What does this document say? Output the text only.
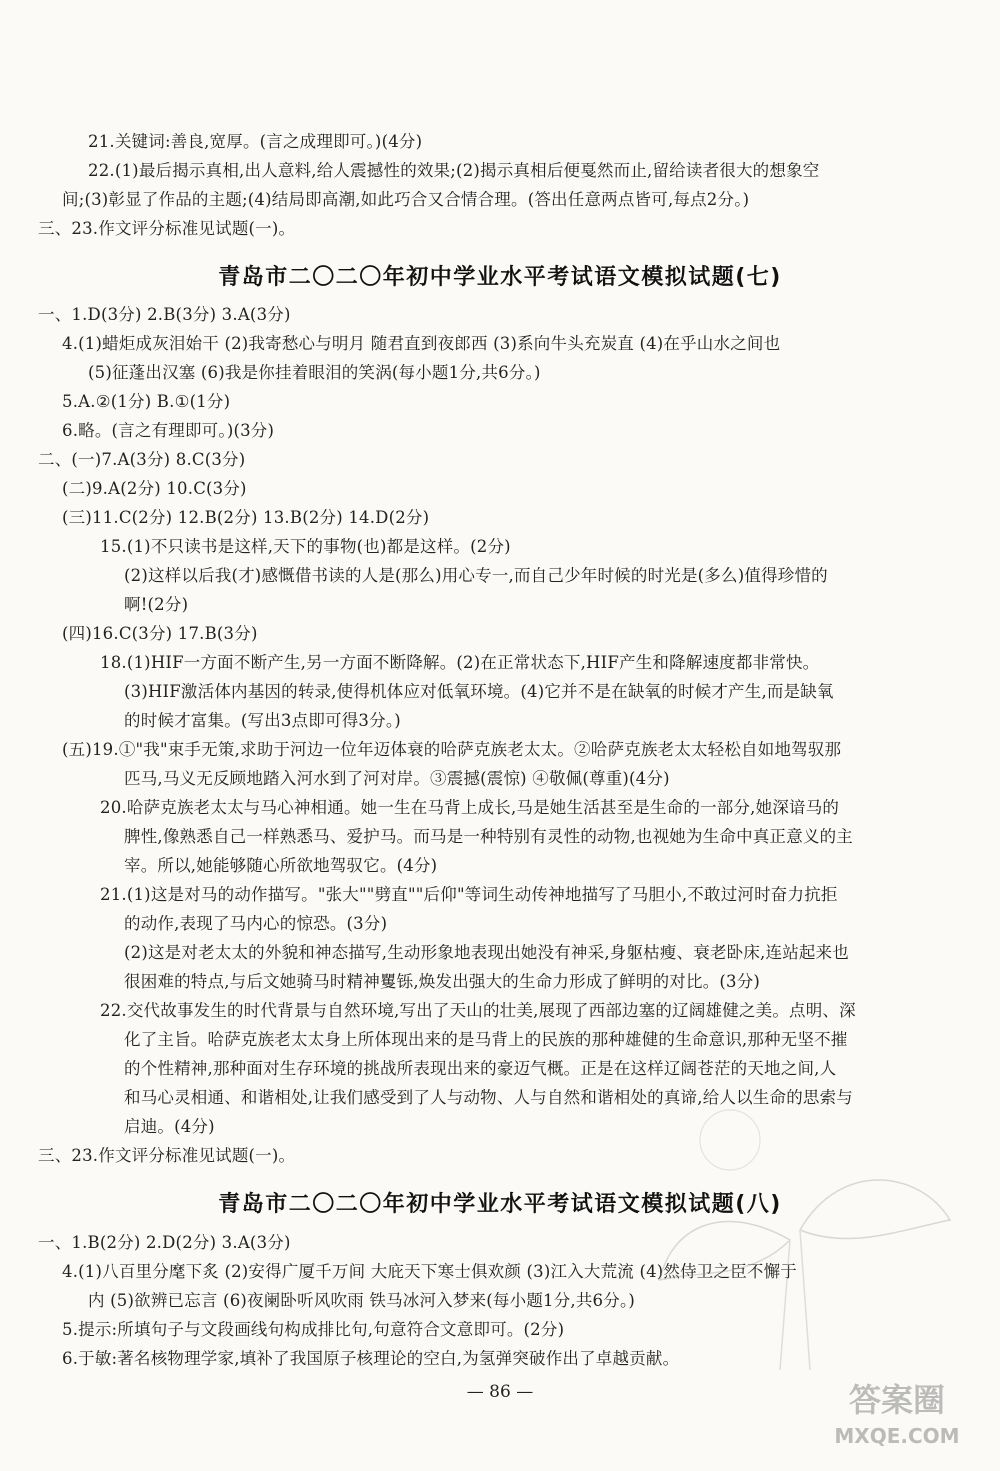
21.关键词:善良,宽厚。(言之成理即可。)(4分)
22.(1)最后揭示真相,出人意料,给人震撼性的效果;(2)揭示真相后便戛然而止,留给读者很大的想象空
间;(3)彰显了作品的主题;(4)结局即高潮,如此巧合又合情合理。(答出任意两点皆可,每点2分。)
三、23.作文评分标准见试题(一)。
青岛市二〇二〇年初中学业水平考试语文模拟试题(七)
一、1.D(3分) 2.B(3分) 3.A(3分)
4.(1)蜡炬成灰泪始干 (2)我寄愁心与明月 随君直到夜郎西 (3)系向牛头充炭直 (4)在乎山水之间也
(5)征蓬出汉塞 (6)我是你挂着眼泪的笑涡(每小题1分,共6分。)
5.A.②(1分) B.①(1分)
6.略。(言之有理即可。)(3分)
二、(一)7.A(3分) 8.C(3分)
(二)9.A(2分) 10.C(3分)
(三)11.C(2分) 12.B(2分) 13.B(2分) 14.D(2分)
15.(1)不只读书是这样,天下的事物(也)都是这样。(2分)
(2)这样以后我(才)感慨借书读的人是(那么)用心专一,而自己少年时候的时光是(多么)值得珍惜的
啊!(2分)
(四)16.C(3分) 17.B(3分)
18.(1)HIF一方面不断产生,另一方面不断降解。(2)在正常状态下,HIF产生和降解速度都非常快。
(3)HIF激活体内基因的转录,使得机体应对低氧环境。(4)它并不是在缺氧的时候才产生,而是缺氧
的时候才富集。(写出3点即可得3分。)
(五)19.①"我"束手无策,求助于河边一位年迈体衰的哈萨克族老太太。②哈萨克族老太太轻松自如地驾驭那
匹马,马义无反顾地踏入河水到了河对岸。③震撼(震惊) ④敬佩(尊重)(4分)
20.哈萨克族老太太与马心神相通。她一生在马背上成长,马是她生活甚至是生命的一部分,她深谙马的
脾性,像熟悉自己一样熟悉马、爱护马。而马是一种特别有灵性的动物,也视她为生命中真正意义的主
宰。所以,她能够随心所欲地驾驭它。(4分)
21.(1)这是对马的动作描写。"张大""劈直""后仰"等词生动传神地描写了马胆小,不敢过河时奋力抗拒
的动作,表现了马内心的惊恐。(3分)
(2)这是对老太太的外貌和神态描写,生动形象地表现出她没有神采,身躯枯瘦、衰老卧床,连站起来也
很困难的特点,与后文她骑马时精神矍铄,焕发出强大的生命力形成了鲜明的对比。(3分)
22.交代故事发生的时代背景与自然环境,写出了天山的壮美,展现了西部边塞的辽阔雄健之美。点明、深
化了主旨。哈萨克族老太太身上所体现出来的是马背上的民族的那种雄健的生命意识,那种无坚不摧
的个性精神,那种面对生存环境的挑战所表现出来的豪迈气概。正是在这样辽阔苍茫的天地之间,人
和马心灵相通、和谐相处,让我们感受到了人与动物、人与自然和谐相处的真谛,给人以生命的思索与
启迪。(4分)
三、23.作文评分标准见试题(一)。
青岛市二〇二〇年初中学业水平考试语文模拟试题(八)
一、1.B(2分) 2.D(2分) 3.A(3分)
4.(1)八百里分麾下炙 (2)安得广厦千万间 大庇天下寒士俱欢颜 (3)江入大荒流 (4)然侍卫之臣不懈于
内 (5)欲辨已忘言 (6)夜阑卧听风吹雨 铁马冰河入梦来(每小题1分,共6分。)
5.提示:所填句子与文段画线句构成排比句,句意符合文意即可。(2分)
6.于敏:著名核物理学家,填补了我国原子核理论的空白,为氢弹突破作出了卓越贡献。
— 86 —	答案圈
MXQE.COM
